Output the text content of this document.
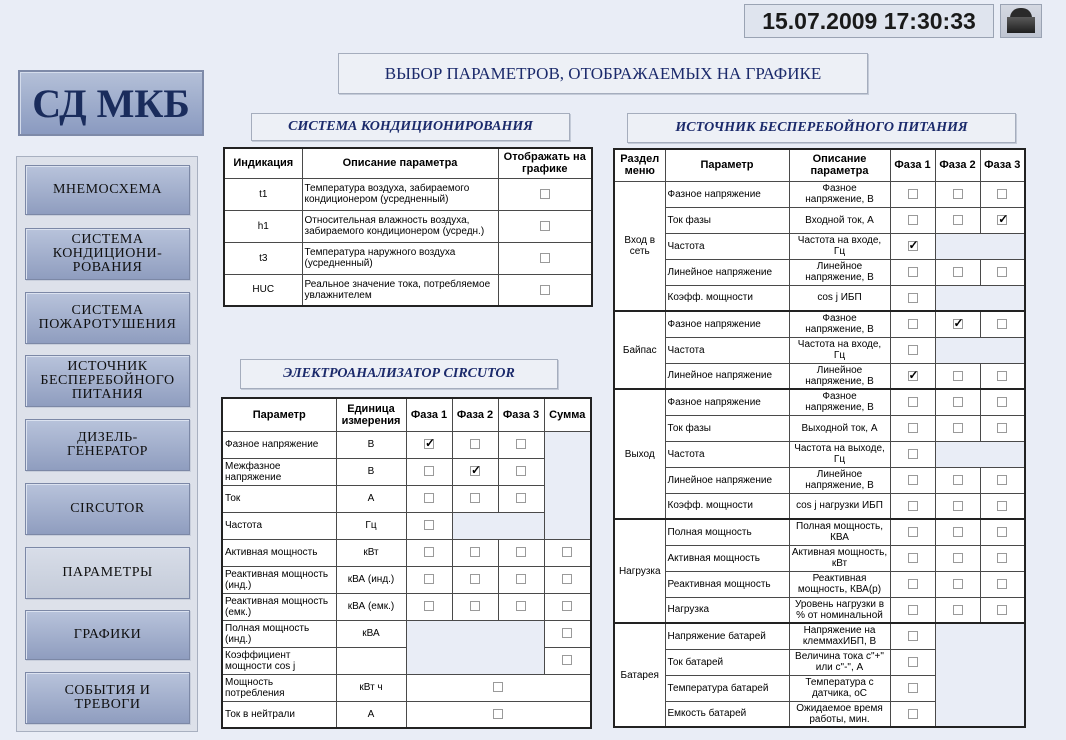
15.07.2009 17:30:33
СД МКБ
МНЕМОСХЕМА
СИСТЕМА
КОНДИЦИОНИ-
РОВАНИЯ
СИСТЕМА
ПОЖАРОТУШЕНИЯ
ИСТОЧНИК
БЕСПЕРЕБОЙНОГО
ПИТАНИЯ
ДИЗЕЛЬ-
ГЕНЕРАТОР
CIRCUTOR
ПАРАМЕТРЫ
ГРАФИКИ
СОБЫТИЯ И
ТРЕВОГИ
ВЫБОР ПАРАМЕТРОВ, ОТОБРАЖАЕМЫХ НА ГРАФИКЕ
СИСТЕМА КОНДИЦИОНИРОВАНИЯ
Индикация	Описание параметра	Отображать на графике
t1	Температура воздуха, забираемого кондиционером (усредненный)	
h1	Относительная влажность воздуха, забираемого кондиционером (усредн.)	
t3	Температура наружного воздуха (усредненный)	
HUC	Реальное значение тока, потребляемое увлажнителем	
ЭЛЕКТРОАНАЛИЗАТОР CIRCUTOR
Параметр	Единица измерения	Фаза 1	Фаза 2	Фаза 3	Сумма
Фазное напряжение	В	✓			
Межфазное напряжение	В		✓	
Ток	А				
Частота	Гц				
Активная мощность	кВт				
Реактивная мощность (инд.)	кВА (инд.)				
Реактивная мощность (емк.)	кВА (емк.)				
Полная мощность (инд.)	кВА				
Коэффициент мощности cos j					
Мощность потребления	кВт ч				
Ток в нейтрали	А				
ИСТОЧНИК БЕСПЕРЕБОЙНОГО ПИТАНИЯ
Раздел меню	Параметр	Описание параметра	Фаза 1	Фаза 2	Фаза 3
Вход в сеть	Фазное напряжение	Фазное напряжение, В			
	Ток фазы	Входной ток, А			✓
	Частота	Частота на входе, Гц	✓	
	Линейное напряжение	Линейное напряжение, В			
	Коэфф. мощности	cos j ИБП			
Байпас	Фазное напряжение	Фазное напряжение, В		✓	
	Частота	Частота на входе, Гц			
	Линейное напряжение	Линейное напряжение, В	✓		
Выход	Фазное напряжение	Фазное напряжение, В			
	Ток фазы	Выходной ток, А			
	Частота	Частота на выходе, Гц			
	Линейное напряжение	Линейное напряжение, В			
	Коэфф. мощности	cos j нагрузки ИБП			
Нагрузка	Полная мощность	Полная мощность, КВА			
	Активная мощность	Активная мощность, кВт			
	Реактивная мощность	Реактивная мощность, КВА(р)			
	Нагрузка	Уровень нагрузки в % от номинальной			
Батарея	Напряжение батарей	Напряжение на клеммахИБП, В			
	Ток батарей	Величина тока с"+" или с"-", А			
	Температура батарей	Температура с датчика, оС			
	Емкость батарей	Ожидаемое время работы, мин.			
